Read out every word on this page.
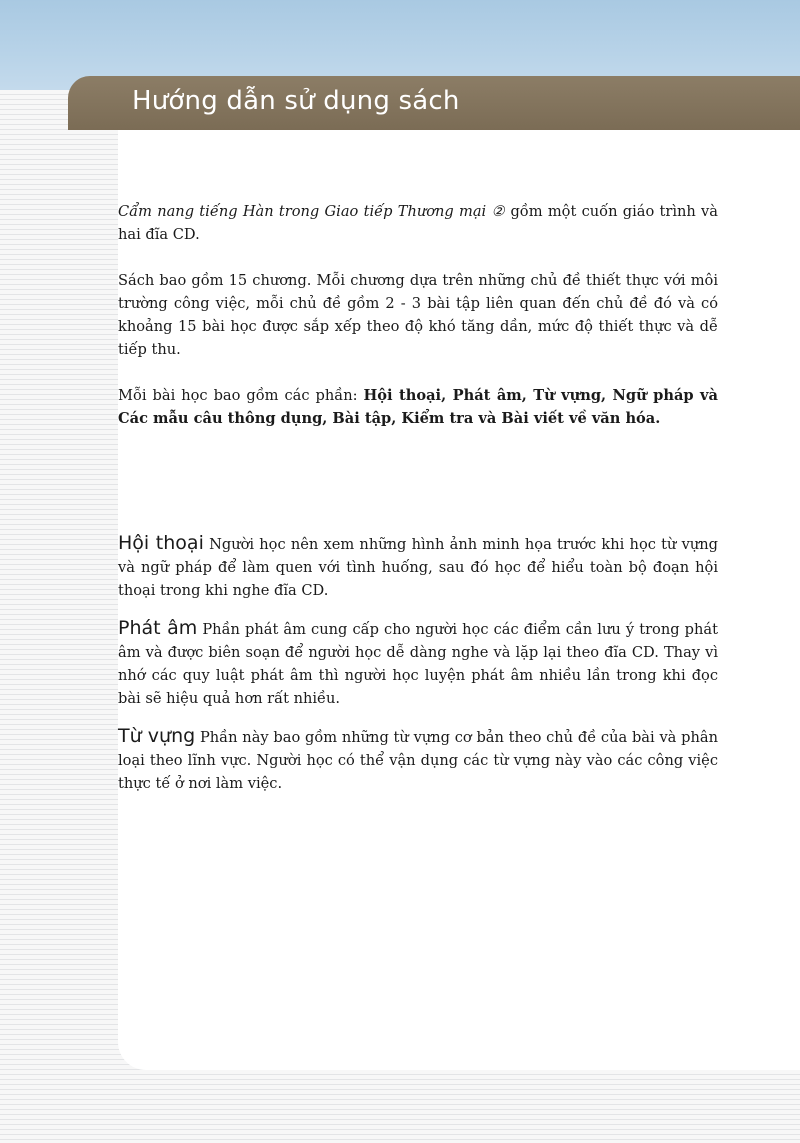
Hướng dẫn sử dụng sách

Cẩm nang tiếng Hàn trong Giao tiếp Thương mại ② gồm một cuốn giáo trình và hai đĩa CD.

Sách bao gồm 15 chương. Mỗi chương dựa trên những chủ đề thiết thực với môi trường công việc, mỗi chủ đề gồm 2 - 3 bài tập liên quan đến chủ đề đó và có khoảng 15 bài học được sắp xếp theo độ khó tăng dần, mức độ thiết thực và dễ tiếp thu.

Mỗi bài học bao gồm các phần: Hội thoại, Phát âm, Từ vựng, Ngữ pháp và Các mẫu câu thông dụng, Bài tập, Kiểm tra và Bài viết về văn hóa.

Hội thoại Người học nên xem những hình ảnh minh họa trước khi học từ vựng và ngữ pháp để làm quen với tình huống, sau đó học để hiểu toàn bộ đoạn hội thoại trong khi nghe đĩa CD.

Phát âm Phần phát âm cung cấp cho người học các điểm cần lưu ý trong phát âm và được biên soạn để người học dễ dàng nghe và lặp lại theo đĩa CD. Thay vì nhớ các quy luật phát âm thì người học luyện phát âm nhiều lần trong khi đọc bài sẽ hiệu quả hơn rất nhiều.

Từ vựng Phần này bao gồm những từ vựng cơ bản theo chủ đề của bài và phân loại theo lĩnh vực. Người học có thể vận dụng các từ vựng này vào các công việc thực tế ở nơi làm việc.
